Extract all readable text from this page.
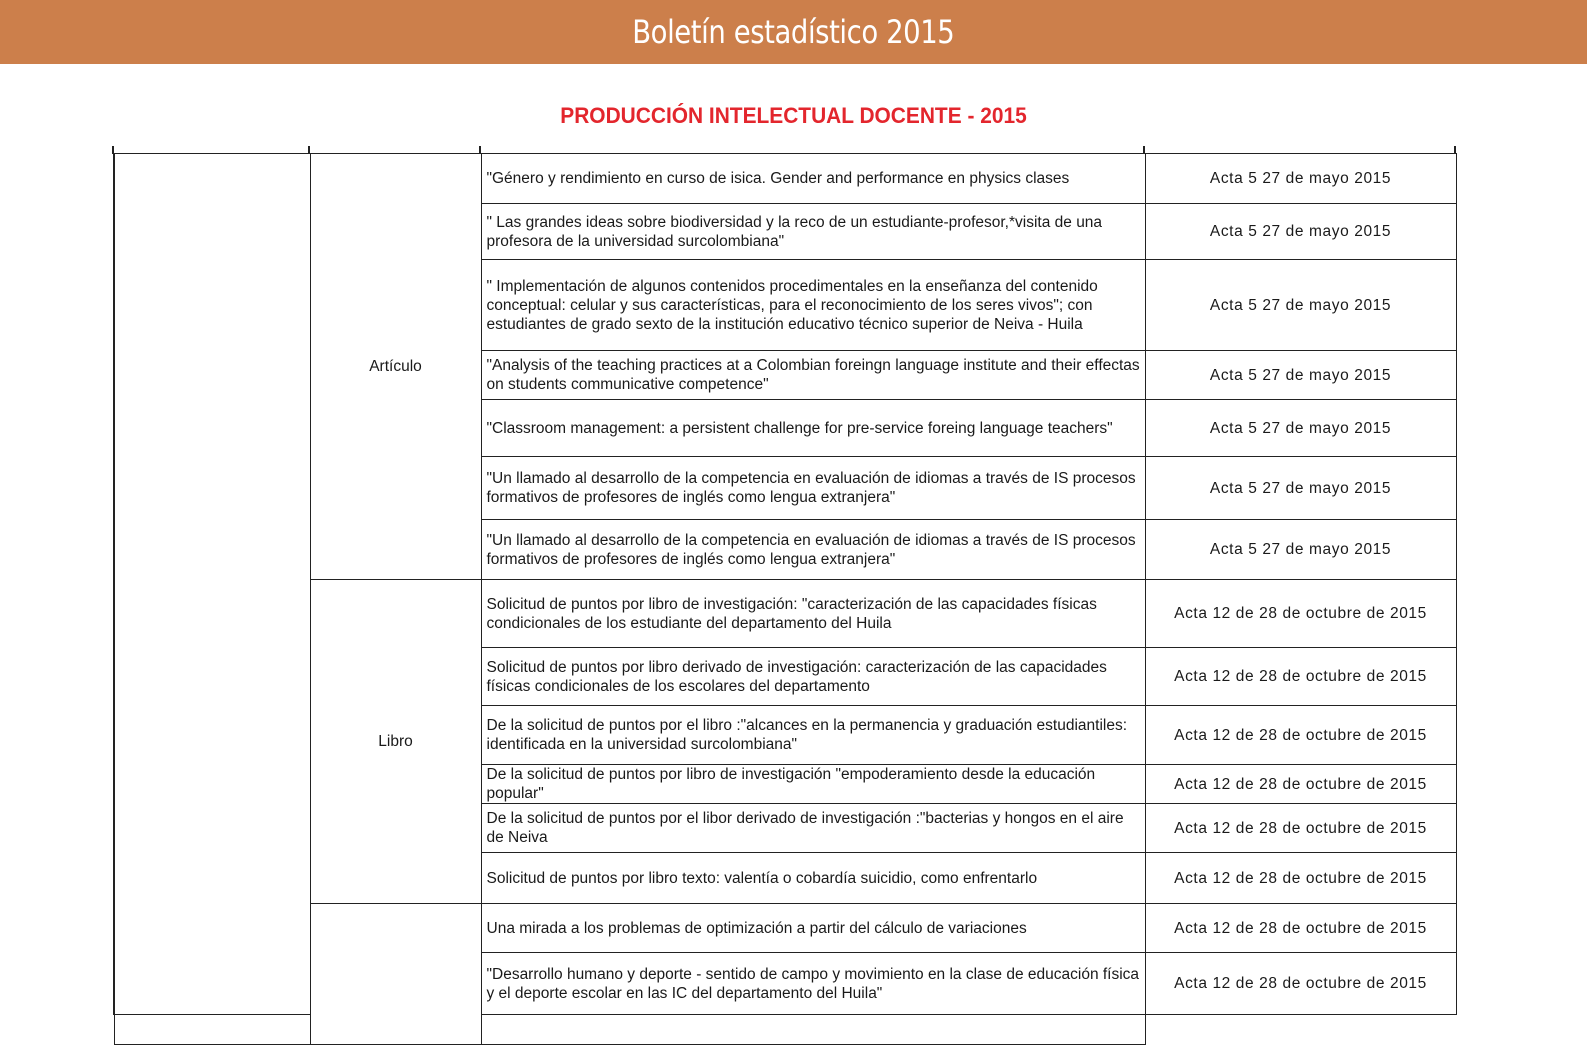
Boletín estadístico 2015
PRODUCCIÓN INTELECTUAL DOCENTE - 2015
	Artículo	"Género y rendimiento en curso de isica. Gender and performance en physics clases	Acta 5 27 de mayo 2015
		" Las grandes ideas sobre biodiversidad y la reco de un estudiante-profesor,*visita de una profesora de la universidad surcolombiana"	Acta 5 27 de mayo 2015
		" Implementación de algunos contenidos procedimentales en la enseñanza del contenido conceptual: celular y sus características, para el reconocimiento de los seres vivos"; con estudiantes de grado sexto de la institución educativo técnico superior de Neiva - Huila	Acta 5 27 de mayo 2015
		"Analysis of the teaching practices at a Colombian foreingn language institute and their effectas on students communicative competence"	Acta 5 27 de mayo 2015
		"Classroom management: a persistent challenge for pre-service foreing language teachers"	Acta 5 27 de mayo 2015
		"Un llamado al desarrollo de la competencia en evaluación de idiomas a través de IS procesos formativos de profesores de inglés como lengua extranjera"	Acta 5 27 de mayo 2015
		"Un llamado al desarrollo de la competencia en evaluación de idiomas a través de IS procesos formativos de profesores de inglés como lengua extranjera"	Acta 5 27 de mayo 2015
	Libro	Solicitud de puntos por libro de investigación: "caracterización de las capacidades físicas condicionales de los estudiante del departamento del Huila	Acta 12 de 28 de octubre de 2015
		Solicitud de puntos por libro derivado de investigación: caracterización de las capacidades físicas condicionales de los escolares del departamento	Acta 12 de 28 de octubre de 2015
		De la solicitud de puntos por el libro :"alcances en la permanencia y graduación estudiantiles: identificada en la universidad surcolombiana"	Acta 12 de 28 de octubre de 2015
		De la solicitud de puntos por libro de investigación "empoderamiento desde la educación popular"	Acta 12 de 28 de octubre de 2015
		De la solicitud de puntos por el libor derivado de investigación :"bacterias y hongos en el aire de Neiva	Acta 12 de 28 de octubre de 2015
		Solicitud de puntos por libro texto: valentía o cobardía suicidio, como enfrentarlo	Acta 12 de 28 de octubre de 2015
		Una mirada a los problemas de optimización a partir del cálculo de variaciones	Acta 12 de 28 de octubre de 2015
		"Desarrollo humano y deporte - sentido de campo y movimiento en la clase de educación física y el deporte escolar en las IC del departamento del Huila"	Acta 12 de 28 de octubre de 2015
